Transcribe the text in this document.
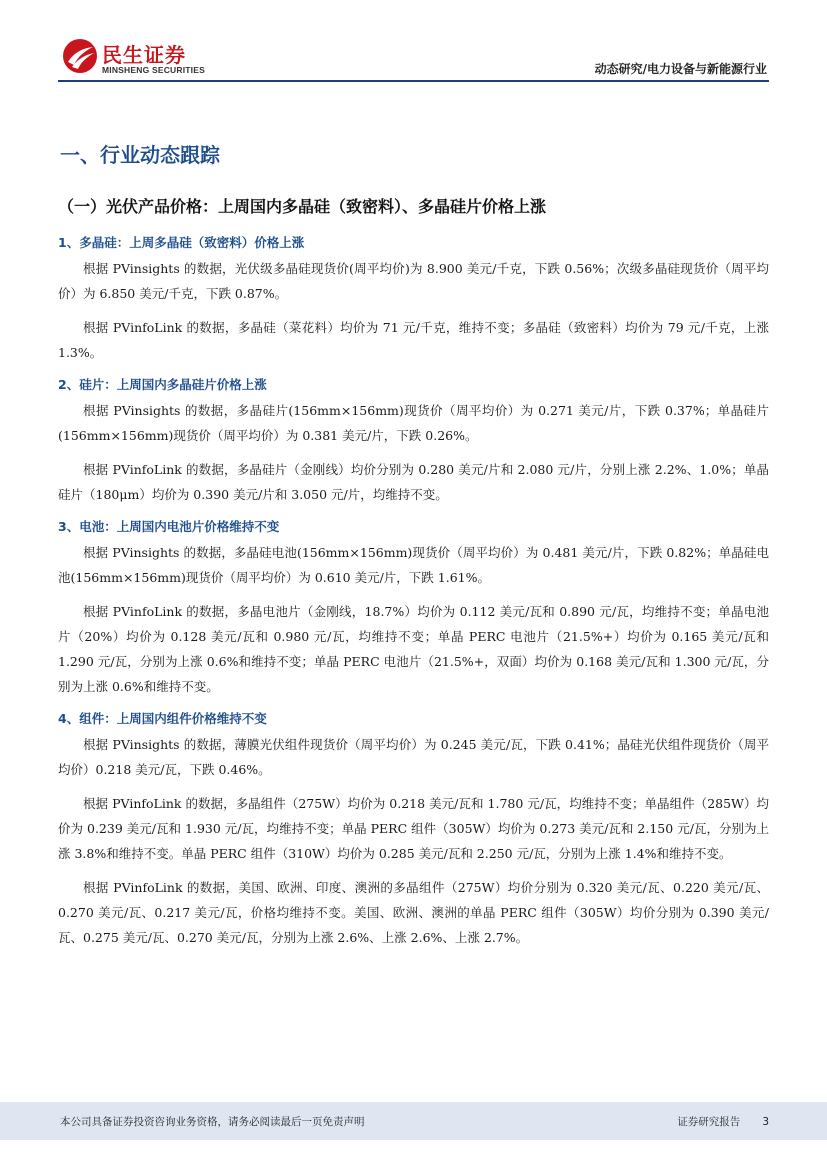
民生证券
MINSHENG SECURITIES	动态研究/电力设备与新能源行业
一、行业动态跟踪
（一）光伏产品价格：上周国内多晶硅（致密料）、多晶硅片价格上涨
1、多晶硅：上周多晶硅（致密料）价格上涨

根据 PVinsights 的数据，光伏级多晶硅现货价(周平均价)为 8.900 美元/千克，下跌 0.56%；次级多晶硅现货价（周平均价）为 6.850 美元/千克，下跌 0.87%。

根据 PVinfoLink 的数据，多晶硅（菜花料）均价为 71 元/千克，维持不变；多晶硅（致密料）均价为 79 元/千克，上涨 1.3%。

2、硅片：上周国内多晶硅片价格上涨

根据 PVinsights 的数据，多晶硅片(156mm×156mm)现货价（周平均价）为 0.271 美元/片，下跌 0.37%；单晶硅片(156mm×156mm)现货价（周平均价）为 0.381 美元/片，下跌 0.26%。

根据 PVinfoLink 的数据，多晶硅片（金刚线）均价分别为 0.280 美元/片和 2.080 元/片，分别上涨 2.2%、1.0%；单晶硅片（180μm）均价为 0.390 美元/片和 3.050 元/片，均维持不变。

3、电池：上周国内电池片价格维持不变

根据 PVinsights 的数据，多晶硅电池(156mm×156mm)现货价（周平均价）为 0.481 美元/片，下跌 0.82%；单晶硅电池(156mm×156mm)现货价（周平均价）为 0.610 美元/片，下跌 1.61%。

根据 PVinfoLink 的数据，多晶电池片（金刚线，18.7%）均价为 0.112 美元/瓦和 0.890 元/瓦，均维持不变；单晶电池片（20%）均价为 0.128 美元/瓦和 0.980 元/瓦，均维持不变；单晶 PERC 电池片（21.5%+）均价为 0.165 美元/瓦和 1.290 元/瓦，分别为上涨 0.6%和维持不变；单晶 PERC 电池片（21.5%+，双面）均价为 0.168 美元/瓦和 1.300 元/瓦，分别为上涨 0.6%和维持不变。

4、组件：上周国内组件价格维持不变

根据 PVinsights 的数据，薄膜光伏组件现货价（周平均价）为 0.245 美元/瓦，下跌 0.41%；晶硅光伏组件现货价（周平均价）0.218 美元/瓦，下跌 0.46%。

根据 PVinfoLink 的数据，多晶组件（275W）均价为 0.218 美元/瓦和 1.780 元/瓦，均维持不变；单晶组件（285W）均价为 0.239 美元/瓦和 1.930 元/瓦，均维持不变；单晶 PERC 组件（305W）均价为 0.273 美元/瓦和 2.150 元/瓦，分别为上涨 3.8%和维持不变。单晶 PERC 组件（310W）均价为 0.285 美元/瓦和 2.250 元/瓦，分别为上涨 1.4%和维持不变。

根据 PVinfoLink 的数据，美国、欧洲、印度、澳洲的多晶组件（275W）均价分别为 0.320 美元/瓦、0.220 美元/瓦、0.270 美元/瓦、0.217 美元/瓦，价格均维持不变。美国、欧洲、澳洲的单晶 PERC 组件（305W）均价分别为 0.390 美元/瓦、0.275 美元/瓦、0.270 美元/瓦，分别为上涨 2.6%、上涨 2.6%、上涨 2.7%。

本公司具备证券投资咨询业务资格，请务必阅读最后一页免责声明	证券研究报告 3
